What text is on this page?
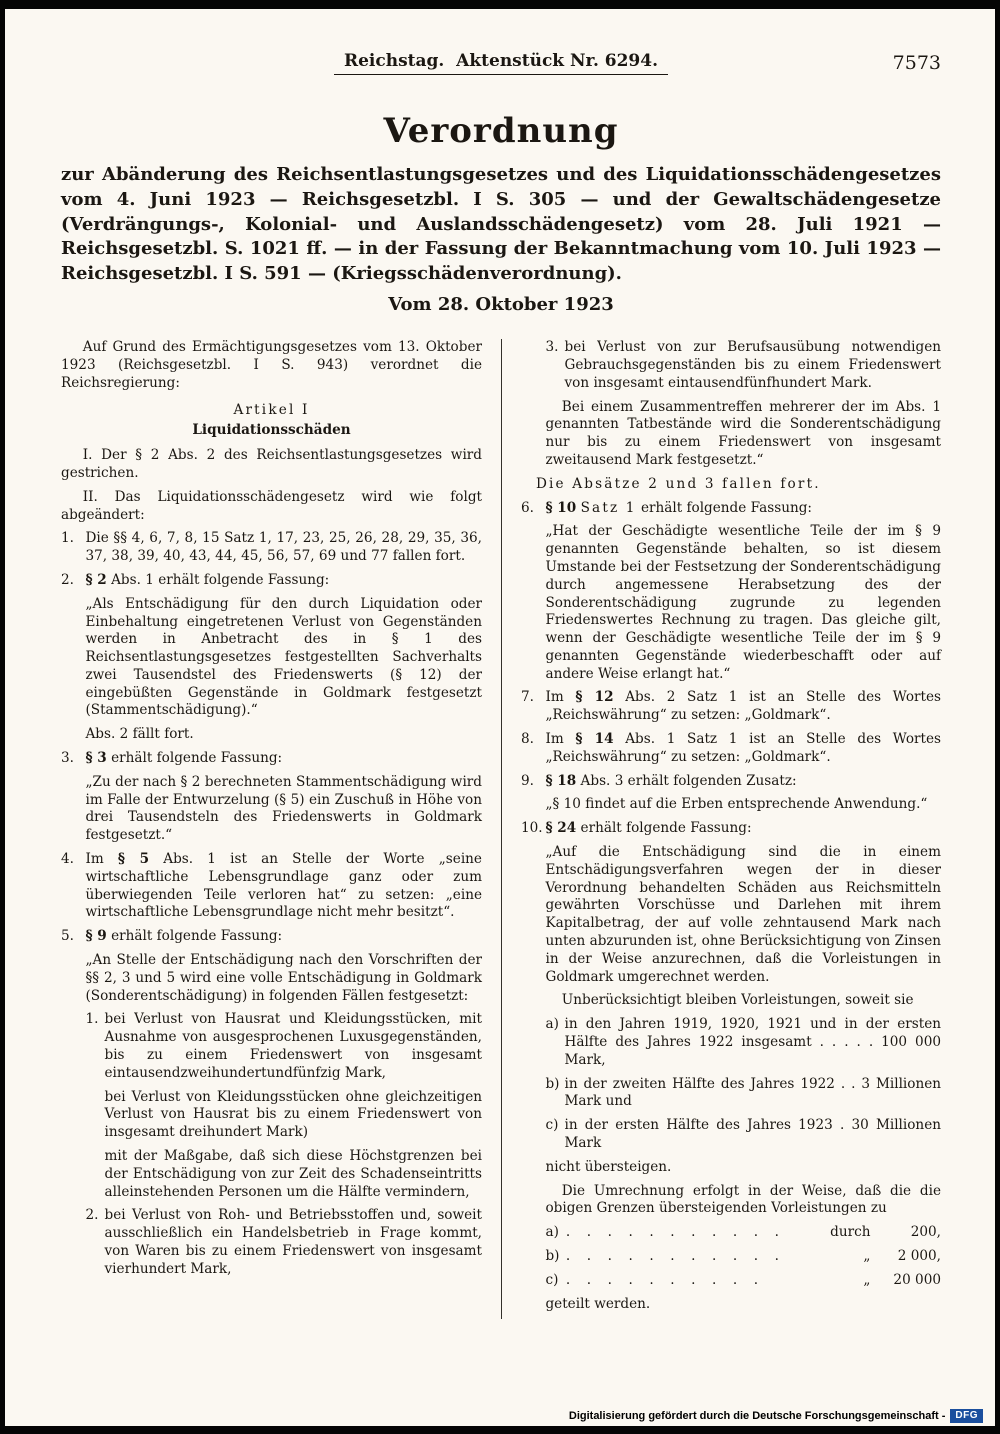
Reichstag.  Aktenstück Nr. 6294.	7573
Verordnung
zur Abänderung des Reichsentlastungsgesetzes und des Liquidationsschädengesetzes vom 4. Juni 1923 — Reichsgesetzbl. I S. 305 — und der Gewaltschädengesetze (Verdrängungs-, Kolonial- und Auslandsschädengesetz) vom 28. Juli 1921 — Reichsgesetzbl. S. 1021 ff. — in der Fassung der Bekanntmachung vom 10. Juli 1923 — Reichsgesetzbl. I S. 591 — (Kriegsschädenverordnung).
Vom 28. Oktober 1923
Auf Grund des Ermächtigungsgesetzes vom 13. Oktober 1923 (Reichsgesetzbl. I S. 943) verordnet die Reichsregierung:
Artikel I
Liquidationsschäden
I. Der § 2 Abs. 2 des Reichsentlastungsgesetzes wird gestrichen.
II. Das Liquidationsschädengesetz wird wie folgt abgeändert:
1. Die §§ 4, 6, 7, 8, 15 Satz 1, 17, 23, 25, 26, 28, 29, 35, 36, 37, 38, 39, 40, 43, 44, 45, 56, 57, 69 und 77 fallen fort.
2. § 2 Abs. 1 erhält folgende Fassung:
„Als Entschädigung für den durch Liquidation oder Einbehaltung eingetretenen Verlust von Gegenständen werden in Anbetracht des in § 1 des Reichsentlastungsgesetzes festgestellten Sachverhalts zwei Tausendstel des Friedenswerts (§ 12) der eingebüßten Gegenstände in Goldmark festgesetzt (Stammentschädigung).“
Abs. 2 fällt fort.
3. § 3 erhält folgende Fassung:
„Zu der nach § 2 berechneten Stammentschädigung wird im Falle der Entwurzelung (§ 5) ein Zuschuß in Höhe von drei Tausendsteln des Friedenswerts in Goldmark festgesetzt.“
4. Im § 5 Abs. 1 ist an Stelle der Worte „seine wirtschaftliche Lebensgrundlage ganz oder zum überwiegenden Teile verloren hat“ zu setzen: „eine wirtschaftliche Lebensgrundlage nicht mehr besitzt“.
5. § 9 erhält folgende Fassung:
„An Stelle der Entschädigung nach den Vorschriften der §§ 2, 3 und 5 wird eine volle Entschädigung in Goldmark (Sonderentschädigung) in folgenden Fällen festgesetzt:
1. bei Verlust von Hausrat und Kleidungsstücken, mit Ausnahme von ausgesprochenen Luxusgegenständen, bis zu einem Friedenswert von insgesamt eintausendzweihundertundfünfzig Mark,
bei Verlust von Kleidungsstücken ohne gleichzeitigen Verlust von Hausrat bis zu einem Friedenswert von insgesamt dreihundert Mark)
mit der Maßgabe, daß sich diese Höchstgrenzen bei der Entschädigung von zur Zeit des Schadenseintritts alleinstehenden Personen um die Hälfte vermindern,
2. bei Verlust von Roh- und Betriebsstoffen und, soweit ausschließlich ein Handelsbetrieb in Frage kommt, von Waren bis zu einem Friedenswert von insgesamt vierhundert Mark,
3. bei Verlust von zur Berufsausübung notwendigen Gebrauchsgegenständen bis zu einem Friedenswert von insgesamt eintausendfünfhundert Mark.
Bei einem Zusammentreffen mehrerer der im Abs. 1 genannten Tatbestände wird die Sonderentschädigung nur bis zu einem Friedenswert von insgesamt zweitausend Mark festgesetzt.“
Die Absätze 2 und 3 fallen fort.
6. § 10 Satz 1 erhält folgende Fassung:
„Hat der Geschädigte wesentliche Teile der im § 9 genannten Gegenstände behalten, so ist diesem Umstande bei der Festsetzung der Sonderentschädigung durch angemessene Herabsetzung des der Sonderentschädigung zugrunde zu legenden Friedenswertes Rechnung zu tragen. Das gleiche gilt, wenn der Geschädigte wesentliche Teile der im § 9 genannten Gegenstände wiederbeschafft oder auf andere Weise erlangt hat.“
7. Im § 12 Abs. 2 Satz 1 ist an Stelle des Wortes „Reichswährung“ zu setzen: „Goldmark“.
8. Im § 14 Abs. 1 Satz 1 ist an Stelle des Wortes „Reichswährung“ zu setzen: „Goldmark“.
9. § 18 Abs. 3 erhält folgenden Zusatz:
„§ 10 findet auf die Erben entsprechende Anwendung.“
10. § 24 erhält folgende Fassung:
„Auf die Entschädigung sind die in einem Entschädigungsverfahren wegen der in dieser Verordnung behandelten Schäden aus Reichsmitteln gewährten Vorschüsse und Darlehen mit ihrem Kapitalbetrag, der auf volle zehntausend Mark nach unten abzurunden ist, ohne Berücksichtigung von Zinsen in der Weise anzurechnen, daß die Vorleistungen in Goldmark umgerechnet werden.
Unberücksichtigt bleiben Vorleistungen, soweit sie
a) in den Jahren 1919, 1920, 1921 und in der ersten Hälfte des Jahres 1922 insgesamt . . . . . 100 000 Mark,
b) in der zweiten Hälfte des Jahres 1922 . . 3 Millionen Mark und
c) in der ersten Hälfte des Jahres 1923 . 30 Millionen Mark
nicht übersteigen.
Die Umrechnung erfolgt in der Weise, daß die die obigen Grenzen übersteigenden Vorleistungen zu
a) . . . . . . . . . . .	durch	200,
b) . . . . . . . . . . .	„	2 000,
c) . . . . . . . . . .	„	20 000
geteilt werden.
Digitalisierung gefördert durch die Deutsche Forschungsgemeinschaft -	DFG
